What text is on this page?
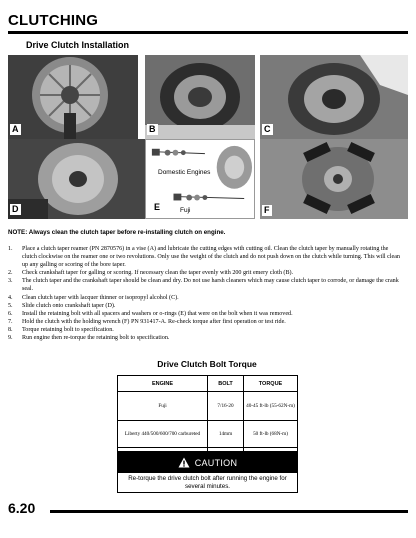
CLUTCHING
Drive Clutch Installation
A	B	C
D
Domestic Engines
Fuji
E	F

NOTE: Always clean the clutch taper before re-installing clutch on engine.

1.	Place a clutch taper reamer (PN 2870576) in a vise (A) and lubricate the cutting edges with cutting oil. Clean the clutch taper by manually rotating the clutch clockwise on the reamer one or two revolutions. Only use the weight of the clutch and do not push down on the clutch while turning. This will clean up any galling or scoring of the bore taper.
2.	Check crankshaft taper for galling or scoring. If necessary clean the taper evenly with 200 grit emery cloth (B).
3.	The clutch taper and the crankshaft taper should be clean and dry. Do not use harsh cleaners which may cause clutch taper to corrode, or damage the crank seal.
4.	Clean clutch taper with lacquer thinner or isopropyl alcohol (C).
5.	Slide clutch onto crankshaft taper (D).
6.	Install the retaining bolt with all spacers and washers or o-rings (E) that were on the bolt when it was removed.
7.	Hold the clutch with the holding wrench (F) PN 931417-A. Re-check torque after first operation or test ride.
8.	Torque retaining bolt to specification.
9.	Run engine then re-torque the retaining bolt to specification.
Drive Clutch Bolt Torque
ENGINE	BOLT	TORQUE
Fuji	7/16-20	40-45 ft-lb (55-62N-m)
Liberty 440/500/600/700 carbureted	14mm	50 ft-lb (68N-m)

CAUTION
Re-torque the drive clutch bolt after running the engine for several minutes.
6.20
